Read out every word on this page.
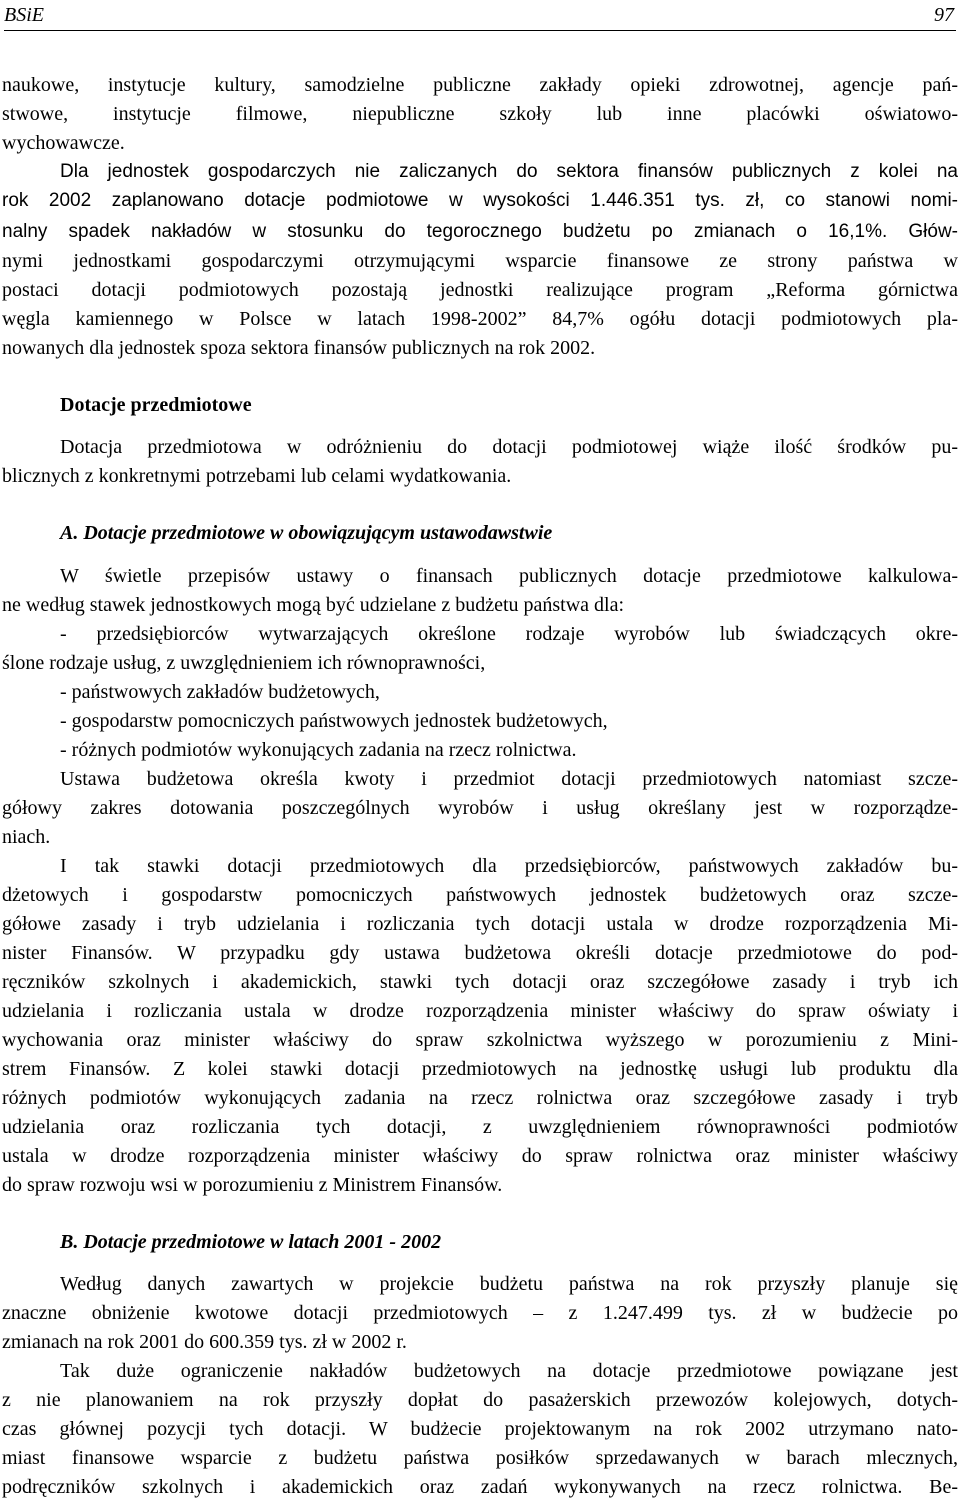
BSiE	97
naukowe, instytucje kultury, samodzielne publiczne zakłady opieki zdrowotnej, agencje pań-
stwowe, instytucje filmowe, niepubliczne szkoły lub inne placówki oświatowo-
wychowawcze.
Dla jednostek gospodarczych nie zaliczanych do sektora finansów publicznych z kolei na
rok 2002 zaplanowano dotacje podmiotowe w wysokości 1.446.351 tys. zł, co stanowi nomi-
nalny spadek nakładów w stosunku do tegorocznego budżetu po zmianach o 16,1%. Głów-
nymi jednostkami gospodarczymi otrzymującymi wsparcie finansowe ze strony państwa w
postaci dotacji podmiotowych pozostają jednostki realizujące program „Reforma górnictwa
węgla kamiennego w Polsce w latach 1998-2002” 84,7% ogółu dotacji podmiotowych pla-
nowanych dla jednostek spoza sektora finansów publicznych na rok 2002.
Dotacje przedmiotowe
Dotacja przedmiotowa w odróżnieniu do dotacji podmiotowej wiąże ilość środków pu-
blicznych z konkretnymi potrzebami lub celami wydatkowania.
A. Dotacje przedmiotowe w obowiązującym ustawodawstwie
W świetle przepisów ustawy o finansach publicznych dotacje przedmiotowe kalkulowa-
ne według stawek jednostkowych mogą być udzielane z budżetu państwa dla:
- przedsiębiorców wytwarzających określone rodzaje wyrobów lub świadczących okre-
ślone rodzaje usług, z uwzględnieniem ich równoprawności,
- państwowych zakładów budżetowych,
- gospodarstw pomocniczych państwowych jednostek budżetowych,
- różnych podmiotów wykonujących zadania na rzecz rolnictwa.
Ustawa budżetowa określa kwoty i przedmiot dotacji przedmiotowych natomiast szcze-
gółowy zakres dotowania poszczególnych wyrobów i usług określany jest w rozporządze-
niach.
I tak stawki dotacji przedmiotowych dla przedsiębiorców, państwowych zakładów bu-
dżetowych i gospodarstw pomocniczych państwowych jednostek budżetowych oraz szcze-
gółowe zasady i tryb udzielania i rozliczania tych dotacji ustala w drodze rozporządzenia Mi-
nister Finansów. W przypadku gdy ustawa budżetowa określi dotacje przedmiotowe do pod-
ręczników szkolnych i akademickich, stawki tych dotacji oraz szczegółowe zasady i tryb ich
udzielania i rozliczania ustala w drodze rozporządzenia minister właściwy do spraw oświaty i
wychowania oraz minister właściwy do spraw szkolnictwa wyższego w porozumieniu z Mini-
strem Finansów. Z kolei stawki dotacji przedmiotowych na jednostkę usługi lub produktu dla
różnych podmiotów wykonujących zadania na rzecz rolnictwa oraz szczegółowe zasady i tryb
udzielania oraz rozliczania tych dotacji, z uwzględnieniem równoprawności podmiotów
ustala w drodze rozporządzenia minister właściwy do spraw rolnictwa oraz minister właściwy
do spraw rozwoju wsi w porozumieniu z Ministrem Finansów.
B. Dotacje przedmiotowe w latach 2001 - 2002
Według danych zawartych w projekcie budżetu państwa na rok przyszły planuje się
znaczne obniżenie kwotowe dotacji przedmiotowych – z 1.247.499 tys. zł w budżecie po
zmianach na rok 2001 do 600.359 tys. zł w 2002 r.
Tak duże ograniczenie nakładów budżetowych na dotacje przedmiotowe powiązane jest
z nie planowaniem na rok przyszły dopłat do pasażerskich przewozów kolejowych, dotych-
czas głównej pozycji tych dotacji. W budżecie projektowanym na rok 2002 utrzymano nato-
miast finansowe wsparcie z budżetu państwa posiłków sprzedawanych w barach mlecznych,
podręczników szkolnych i akademickich oraz zadań wykonywanych na rzecz rolnictwa. Be-
